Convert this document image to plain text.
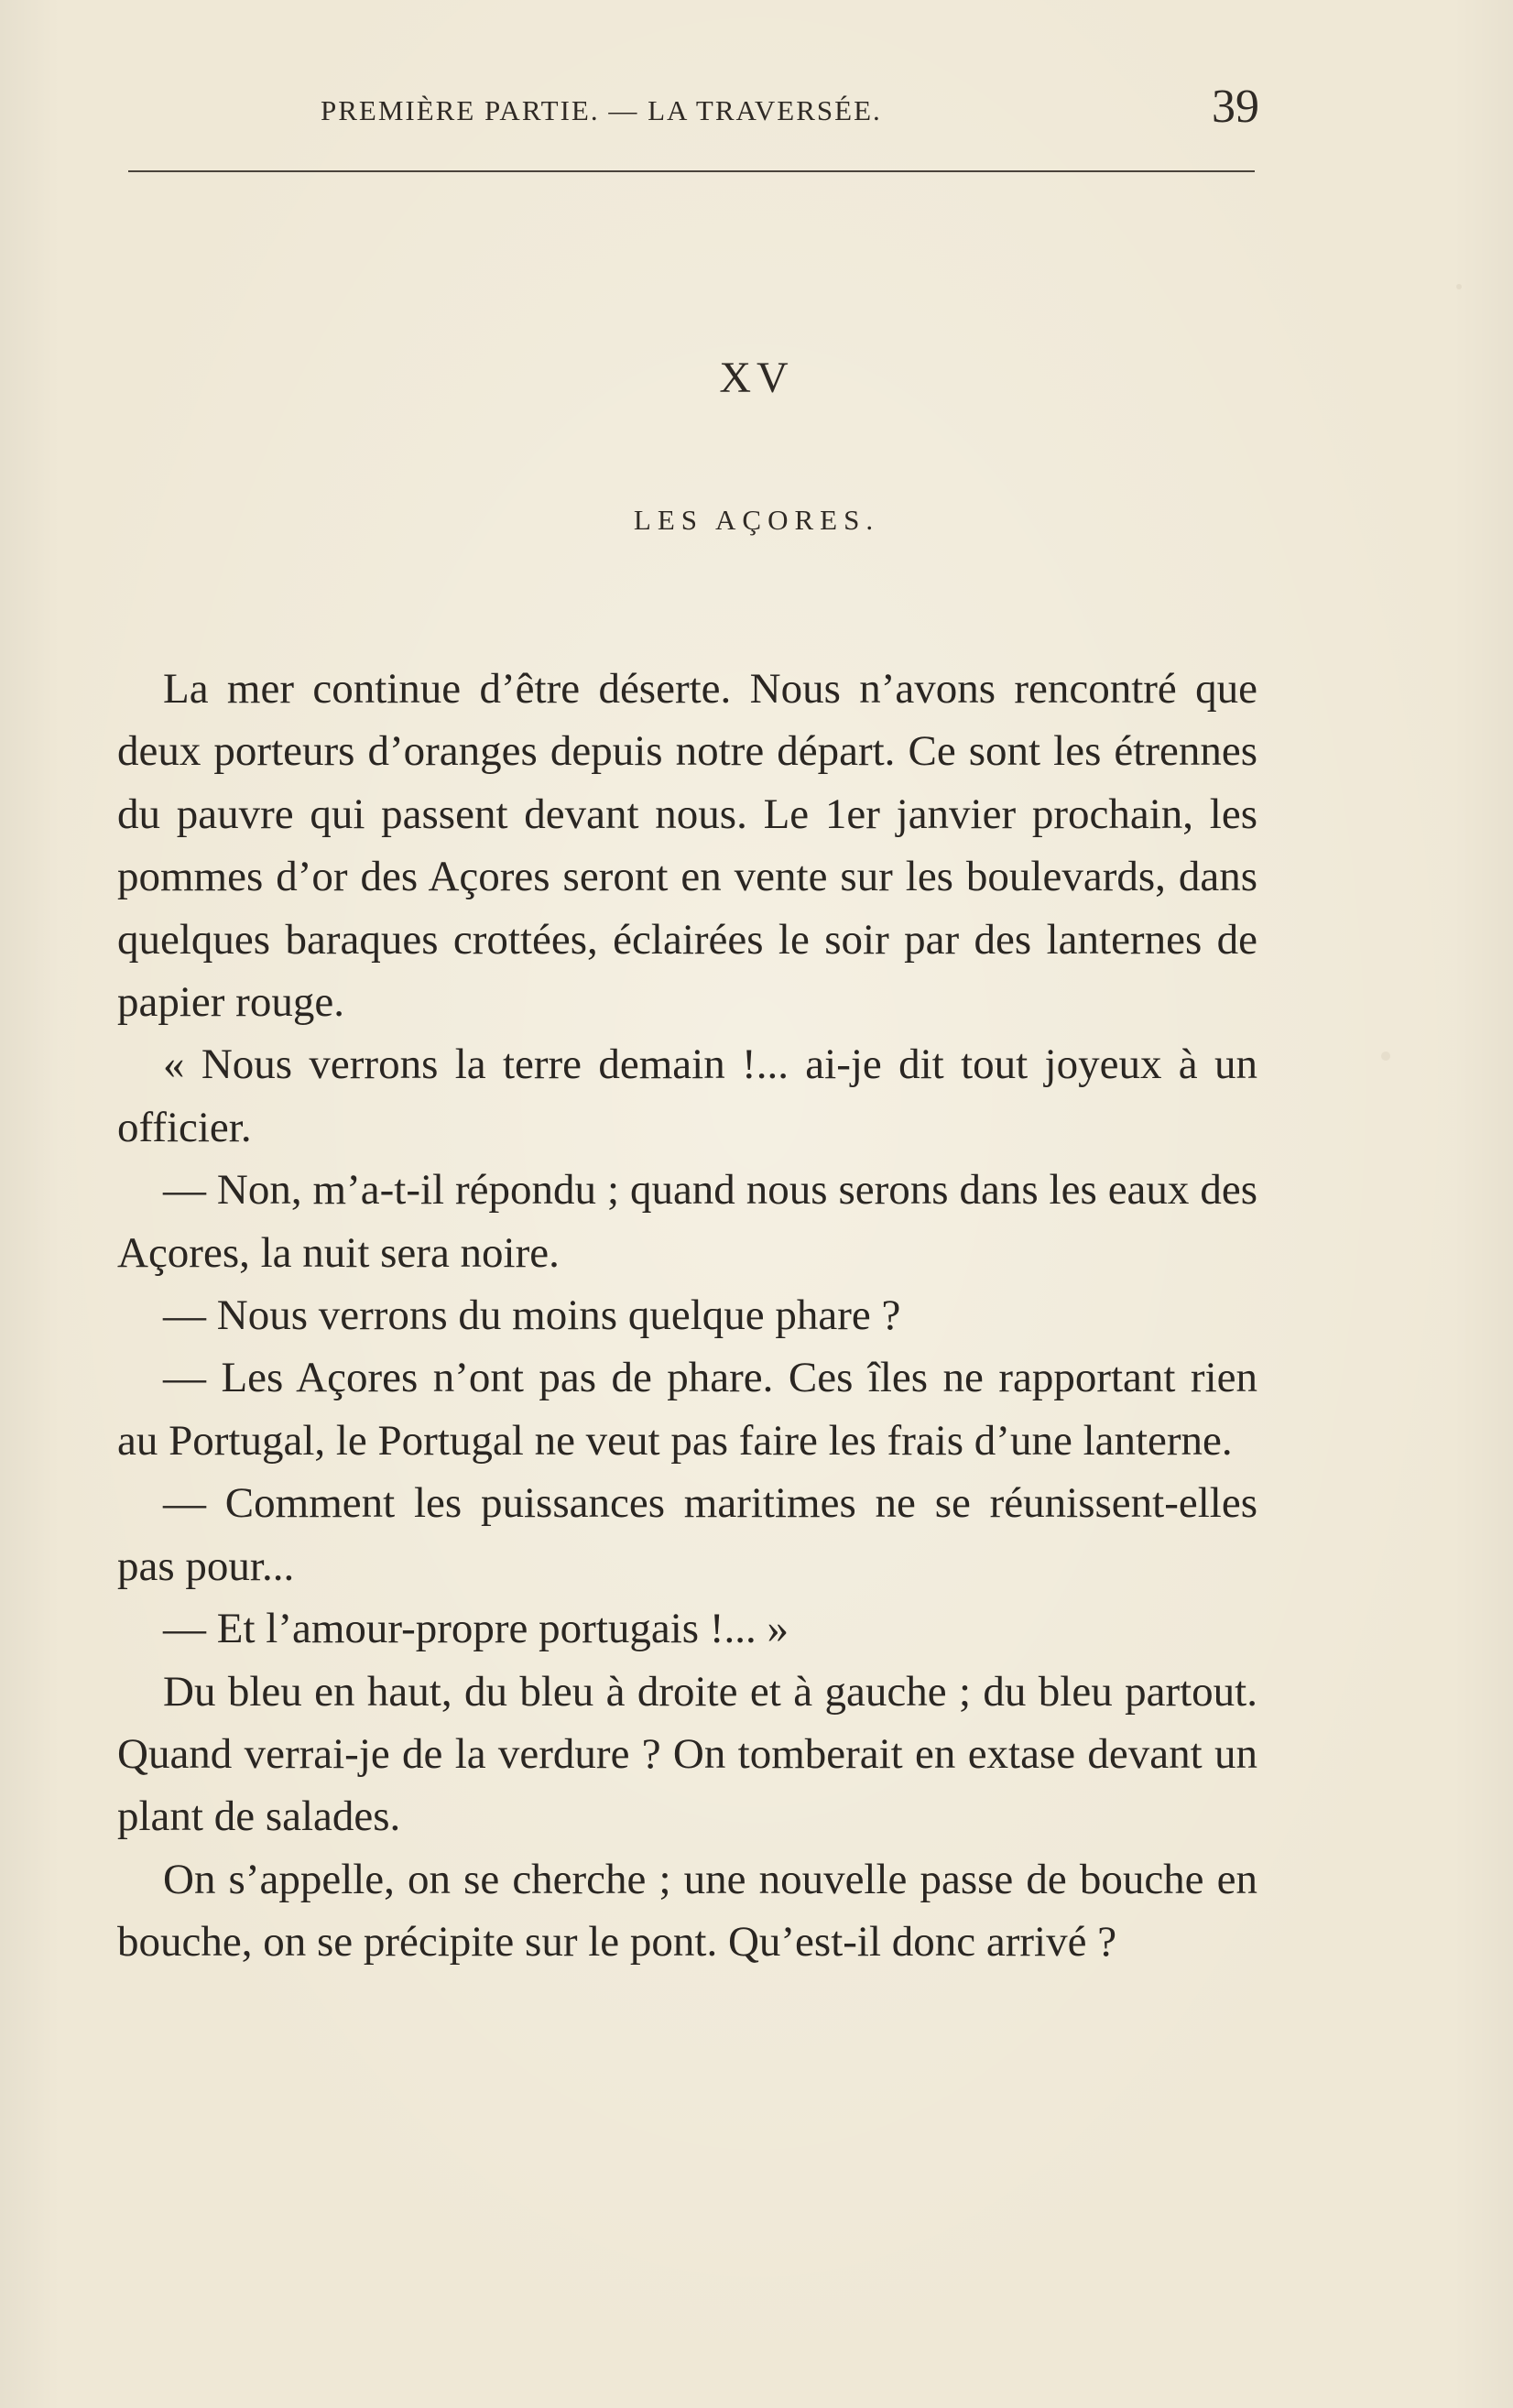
PREMIÈRE PARTIE. — LA TRAVERSÉE.	39
XV
LES AÇORES.

La mer continue d’être déserte. Nous n’avons rencontré que deux porteurs d’oranges depuis notre départ. Ce sont les étrennes du pauvre qui passent devant nous. Le 1er janvier prochain, les pommes d’or des Açores seront en vente sur les boulevards, dans quelques baraques crottées, éclairées le soir par des lanternes de papier rouge.

« Nous verrons la terre demain !... ai-je dit tout joyeux à un officier.

— Non, m’a-t-il répondu ; quand nous serons dans les eaux des Açores, la nuit sera noire.

— Nous verrons du moins quelque phare ?

— Les Açores n’ont pas de phare. Ces îles ne rapportant rien au Portugal, le Portugal ne veut pas faire les frais d’une lanterne.

— Comment les puissances maritimes ne se réunissent-elles pas pour...

— Et l’amour-propre portugais !... »

Du bleu en haut, du bleu à droite et à gauche ; du bleu partout. Quand verrai-je de la verdure ? On tomberait en extase devant un plant de salades.

On s’appelle, on se cherche ; une nouvelle passe de bouche en bouche, on se précipite sur le pont. Qu’est-il donc arrivé ?
